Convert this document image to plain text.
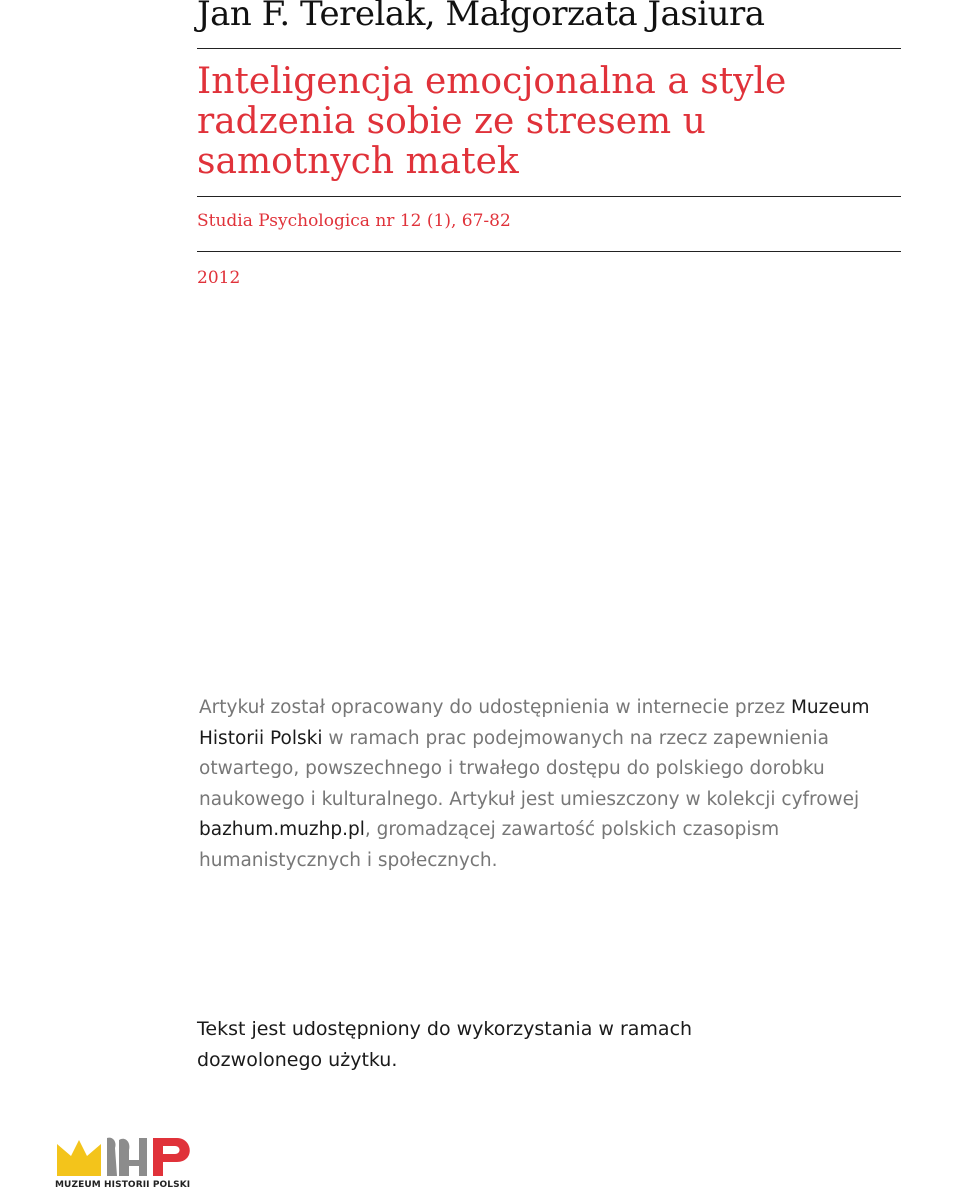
Jan F. Terelak, Małgorzata Jasiura
Inteligencja emocjonalna a style radzenia sobie ze stresem u samotnych matek
Studia Psychologica nr 12 (1), 67-82
2012
Artykuł został opracowany do udostępnienia w internecie przez Muzeum Historii Polski w ramach prac podejmowanych na rzecz zapewnienia otwartego, powszechnego i trwałego dostępu do polskiego dorobku naukowego i kulturalnego. Artykuł jest umieszczony w kolekcji cyfrowej bazhum.muzhp.pl, gromadzącej zawartość polskich czasopism humanistycznych i społecznych.
Tekst jest udostępniony do wykorzystania w ramach dozwolonego użytku.
MUZEUM HISTORII POLSKI
